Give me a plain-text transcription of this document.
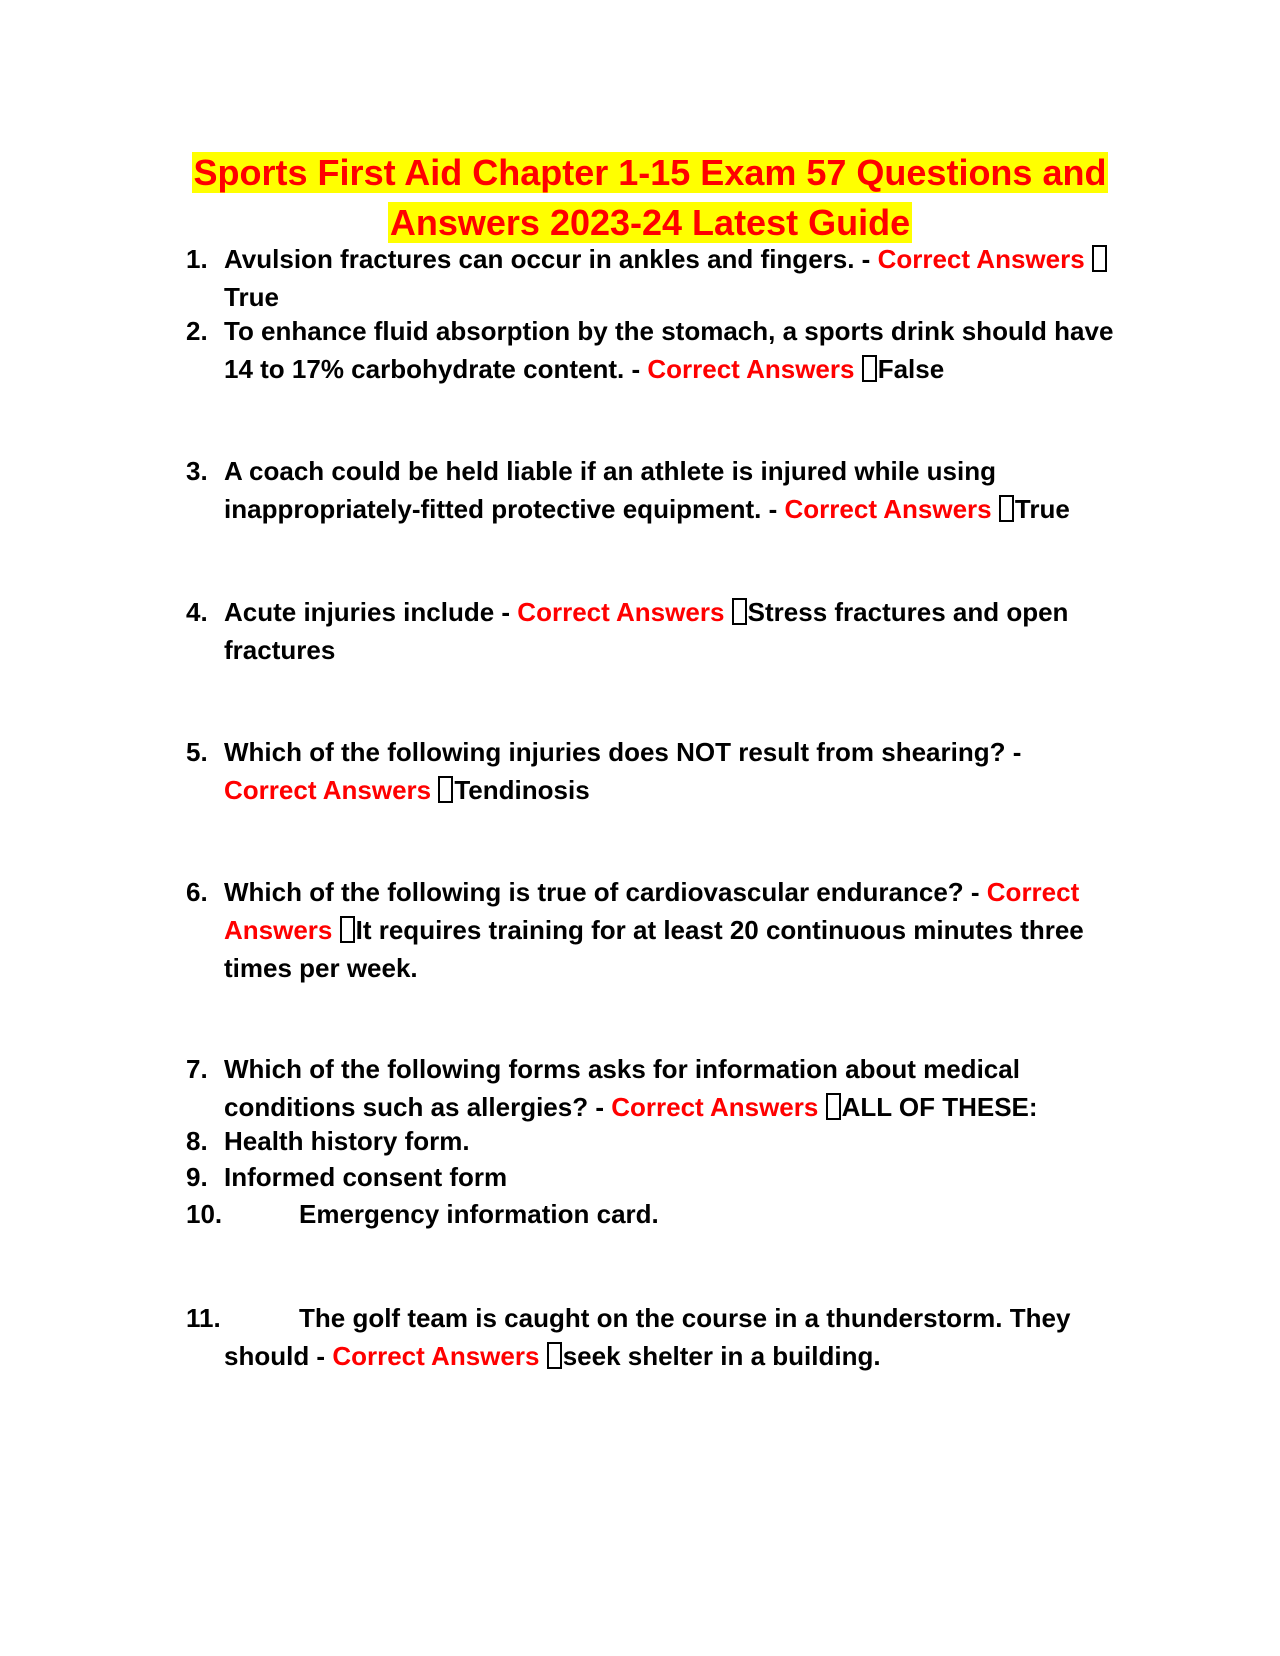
Sports First Aid Chapter 1-15 Exam 57 Questions and Answers 2023-24 Latest Guide
1. Avulsion fractures can occur in ankles and fingers. - Correct Answers True
2. To enhance fluid absorption by the stomach, a sports drink should have 14 to 17% carbohydrate content. - Correct Answers False
3. A coach could be held liable if an athlete is injured while using inappropriately-fitted protective equipment. - Correct Answers True
4. Acute injuries include - Correct Answers Stress fractures and open fractures
5. Which of the following injuries does NOT result from shearing? - Correct Answers Tendinosis
6. Which of the following is true of cardiovascular endurance? - Correct Answers It requires training for at least 20 continuous minutes three times per week.
7. Which of the following forms asks for information about medical conditions such as allergies? - Correct Answers ALL OF THESE:
8. Health history form.
9. Informed consent form
10.	Emergency information card.
11.	The golf team is caught on the course in a thunderstorm. They should - Correct Answers seek shelter in a building.
